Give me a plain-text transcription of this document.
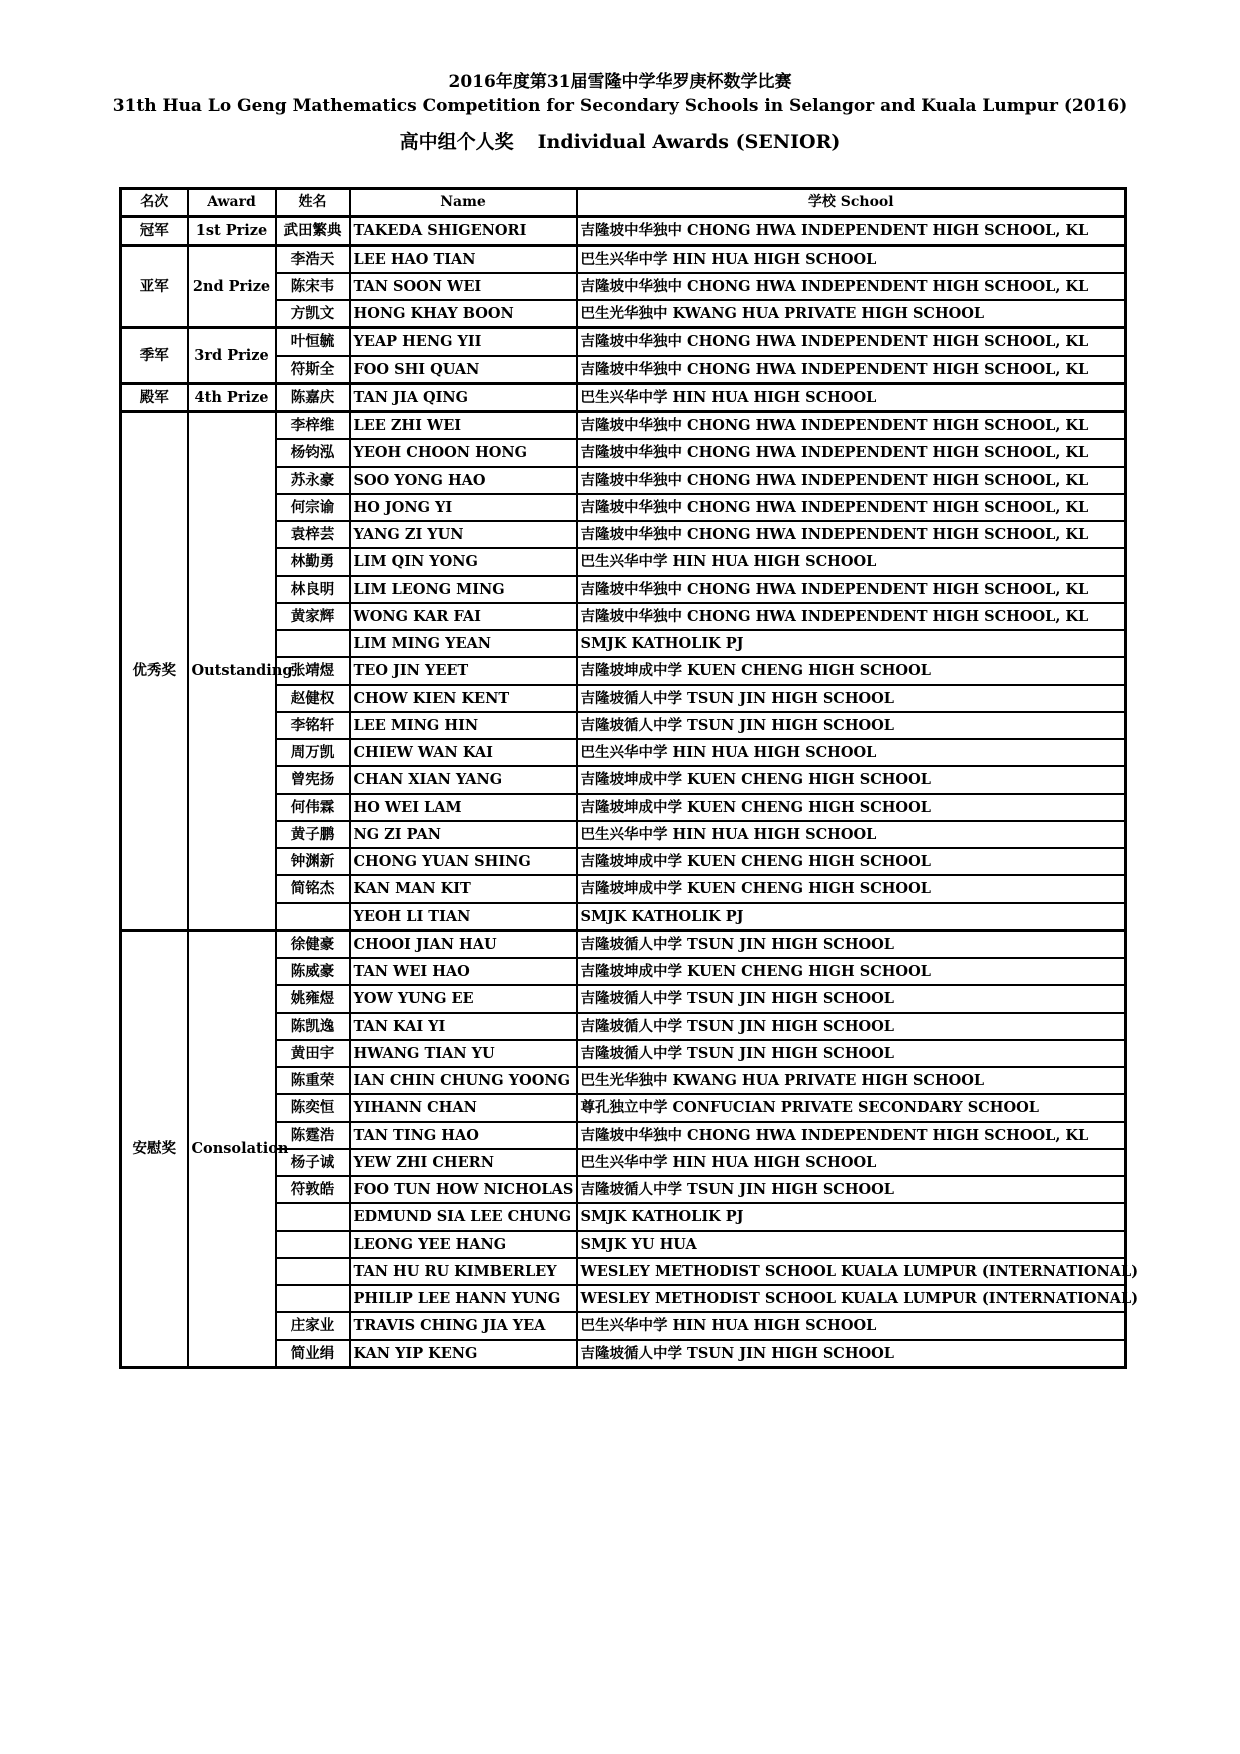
2016年度第31届雪隆中学华罗庚杯数学比赛
31th Hua Lo Geng Mathematics Competition for Secondary Schools in Selangor and Kuala Lumpur (2016)
高中组个人奖 Individual Awards (SENIOR)
名次	Award	姓名	Name	学校 School
冠军	1st Prize	武田繁典	TAKEDA SHIGENORI	吉隆坡中华独中 CHONG HWA INDEPENDENT HIGH SCHOOL, KL
亚军	2nd Prize	李浩天	LEE HAO TIAN	巴生兴华中学 HIN HUA HIGH SCHOOL
		陈宋韦	TAN SOON WEI	吉隆坡中华独中 CHONG HWA INDEPENDENT HIGH SCHOOL, KL
		方凯文	HONG KHAY BOON	巴生光华独中 KWANG HUA PRIVATE HIGH SCHOOL
季军	3rd Prize	叶恒毓	YEAP HENG YII	吉隆坡中华独中 CHONG HWA INDEPENDENT HIGH SCHOOL, KL
		符斯全	FOO SHI QUAN	吉隆坡中华独中 CHONG HWA INDEPENDENT HIGH SCHOOL, KL
殿军	4th Prize	陈嘉庆	TAN JIA QING	巴生兴华中学 HIN HUA HIGH SCHOOL
优秀奖	Outstanding	李梓维	LEE ZHI WEI	吉隆坡中华独中 CHONG HWA INDEPENDENT HIGH SCHOOL, KL
		杨钧泓	YEOH CHOON HONG	吉隆坡中华独中 CHONG HWA INDEPENDENT HIGH SCHOOL, KL
		苏永豪	SOO YONG HAO	吉隆坡中华独中 CHONG HWA INDEPENDENT HIGH SCHOOL, KL
		何宗谕	HO JONG YI	吉隆坡中华独中 CHONG HWA INDEPENDENT HIGH SCHOOL, KL
		袁梓芸	YANG ZI YUN	吉隆坡中华独中 CHONG HWA INDEPENDENT HIGH SCHOOL, KL
		林勤勇	LIM QIN YONG	巴生兴华中学 HIN HUA HIGH SCHOOL
		林良明	LIM LEONG MING	吉隆坡中华独中 CHONG HWA INDEPENDENT HIGH SCHOOL, KL
		黄家辉	WONG KAR FAI	吉隆坡中华独中 CHONG HWA INDEPENDENT HIGH SCHOOL, KL
			LIM MING YEAN	SMJK KATHOLIK PJ
		张靖煜	TEO JIN YEET	吉隆坡坤成中学 KUEN CHENG HIGH SCHOOL
		赵健权	CHOW KIEN KENT	吉隆坡循人中学 TSUN JIN HIGH SCHOOL
		李铭轩	LEE MING HIN	吉隆坡循人中学 TSUN JIN HIGH SCHOOL
		周万凯	CHIEW WAN KAI	巴生兴华中学 HIN HUA HIGH SCHOOL
		曾宪扬	CHAN XIAN YANG	吉隆坡坤成中学 KUEN CHENG HIGH SCHOOL
		何伟霖	HO WEI LAM	吉隆坡坤成中学 KUEN CHENG HIGH SCHOOL
		黄子鹏	NG ZI PAN	巴生兴华中学 HIN HUA HIGH SCHOOL
		钟渊新	CHONG YUAN SHING	吉隆坡坤成中学 KUEN CHENG HIGH SCHOOL
		简铭杰	KAN MAN KIT	吉隆坡坤成中学 KUEN CHENG HIGH SCHOOL
			YEOH LI TIAN	SMJK KATHOLIK PJ
安慰奖	Consolation	徐健豪	CHOOI JIAN HAU	吉隆坡循人中学 TSUN JIN HIGH SCHOOL
		陈威豪	TAN WEI HAO	吉隆坡坤成中学 KUEN CHENG HIGH SCHOOL
		姚雍煜	YOW YUNG EE	吉隆坡循人中学 TSUN JIN HIGH SCHOOL
		陈凯逸	TAN KAI YI	吉隆坡循人中学 TSUN JIN HIGH SCHOOL
		黄田宇	HWANG TIAN YU	吉隆坡循人中学 TSUN JIN HIGH SCHOOL
		陈重荣	IAN CHIN CHUNG YOONG	巴生光华独中 KWANG HUA PRIVATE HIGH SCHOOL
		陈奕恒	YIHANN CHAN	尊孔独立中学 CONFUCIAN PRIVATE SECONDARY SCHOOL
		陈霆浩	TAN TING HAO	吉隆坡中华独中 CHONG HWA INDEPENDENT HIGH SCHOOL, KL
		杨子诚	YEW ZHI CHERN	巴生兴华中学 HIN HUA HIGH SCHOOL
		符敦皓	FOO TUN HOW NICHOLAS	吉隆坡循人中学 TSUN JIN HIGH SCHOOL
			EDMUND SIA LEE CHUNG	SMJK KATHOLIK PJ
			LEONG YEE HANG	SMJK YU HUA
			TAN HU RU KIMBERLEY	WESLEY METHODIST SCHOOL KUALA LUMPUR (INTERNATIONAL)
			PHILIP LEE HANN YUNG	WESLEY METHODIST SCHOOL KUALA LUMPUR (INTERNATIONAL)
		庄家业	TRAVIS CHING JIA YEA	巴生兴华中学 HIN HUA HIGH SCHOOL
		简业绢	KAN YIP KENG	吉隆坡循人中学 TSUN JIN HIGH SCHOOL
